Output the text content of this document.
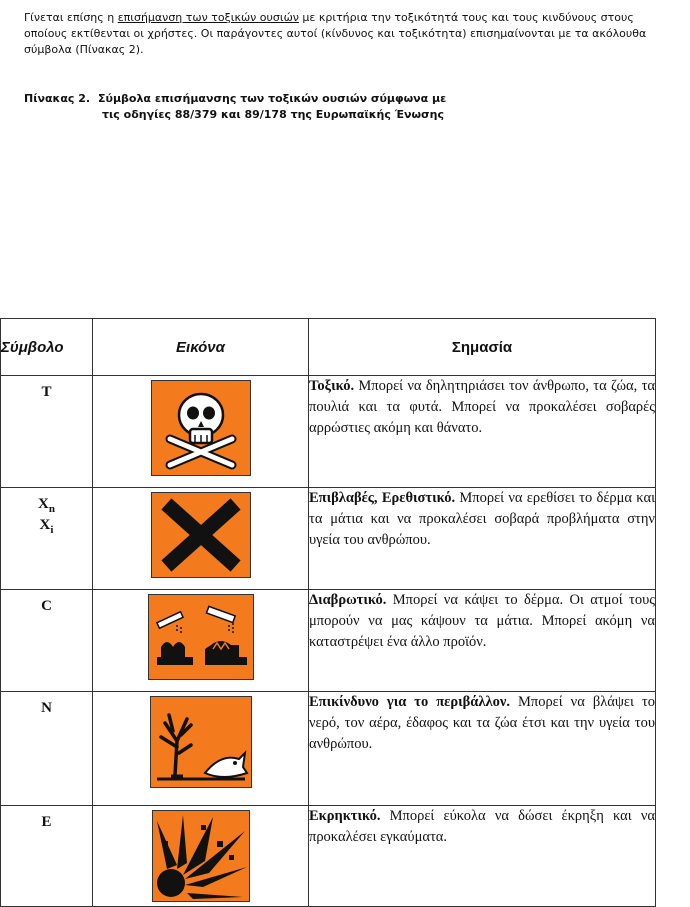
Γίνεται επίσης η επισήμανση των τοξικών ουσιών με κριτήρια την τοξικότητά τους και τους κινδύνους στους οποίους εκτίθενται οι χρήστες. Οι παράγοντες αυτοί (κίνδυνος και τοξικότητα) επισημαίνονται με τα ακόλουθα σύμβολα (Πίνακας 2).

Πίνακας 2. Σύμβολα επισήμανσης των τοξικών ουσιών σύμφωνα με
τις οδηγίες 88/379 και 89/178 της Ευρωπαϊκής Ένωσης
Σύμβολο	Εικόνα	Σημασία

T		Τοξικό. Μπορεί να δηλητηριάσει τον άνθρωπο, τα ζώα, τα πουλιά και τα φυτά. Μπορεί να προκαλέσει σοβαρές αρρώστιες ακόμη και θάνατο.

$X_n$
$X_i$		Επιβλαβές, Ερεθιστικό. Μπορεί να ερεθίσει το δέρμα και τα μάτια και να προκαλέσει σοβαρά προβλήματα στην υγεία του ανθρώπου.

C		Διαβρωτικό. Μπορεί να κάψει το δέρμα. Οι ατμοί τους μπορούν να μας κάψουν τα μάτια. Μπορεί ακόμη να καταστρέψει ένα άλλο προϊόν.

N		Επικίνδυνο για το περιβάλλον. Μπορεί να βλάψει το νερό, τον αέρα, έδαφος και τα ζώα έτσι και την υγεία του ανθρώπου.

E		Εκρηκτικό. Μπορεί εύκολα να δώσει έκρηξη και να προκαλέσει εγκαύματα.
